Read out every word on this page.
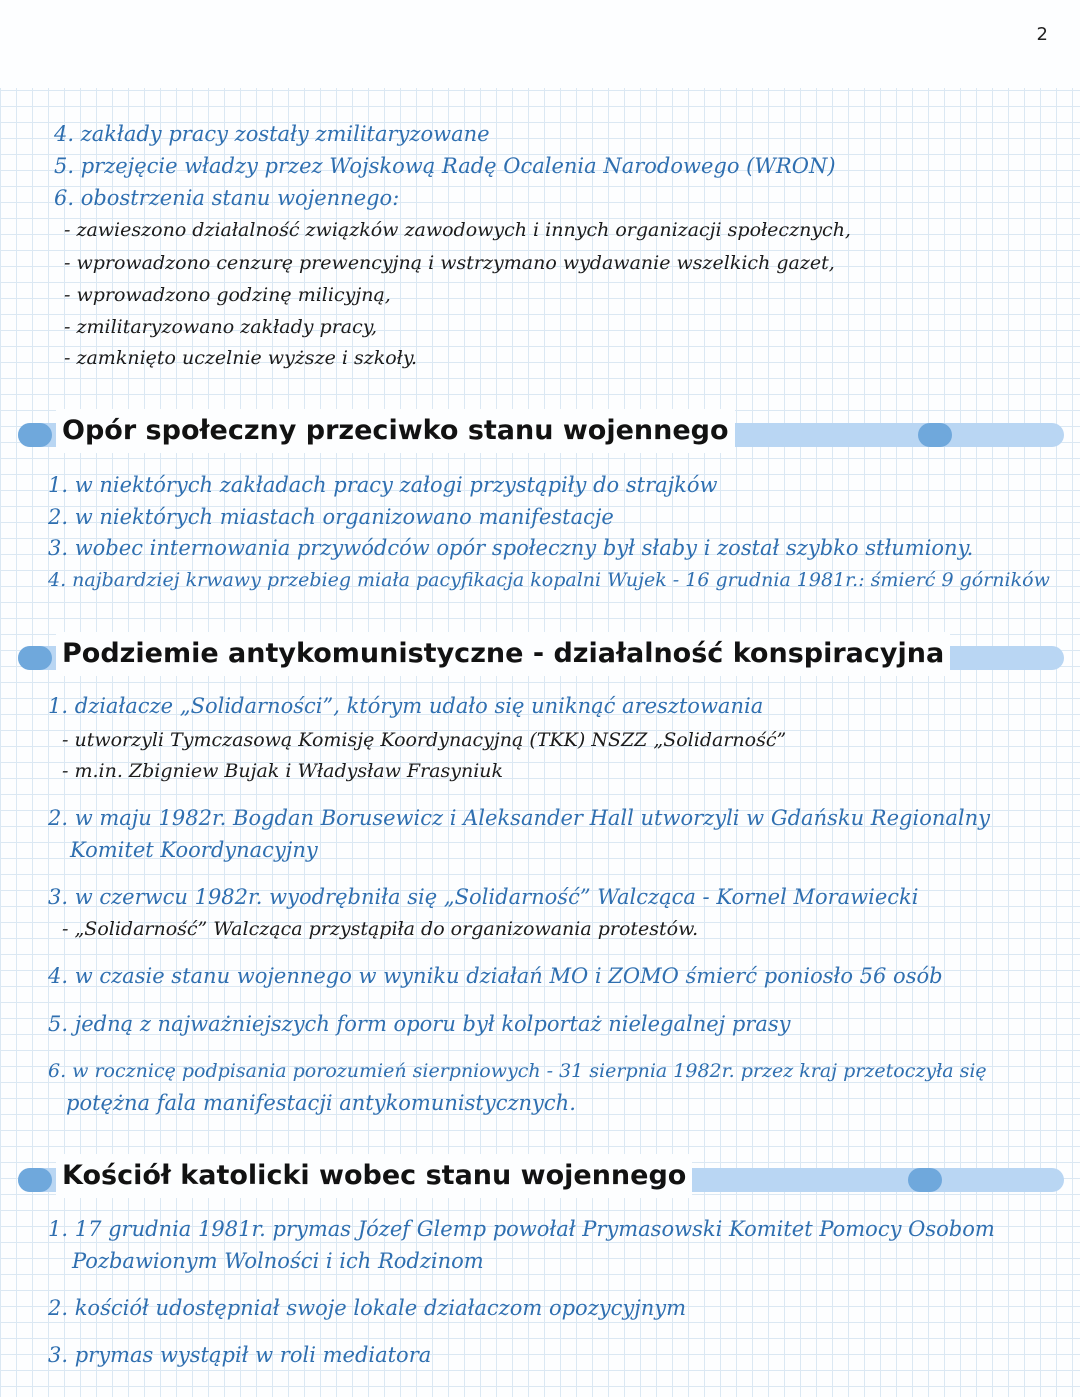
2
4. zakłady pracy zostały zmilitaryzowane
5. przejęcie władzy przez Wojskową Radę Ocalenia Narodowego (WRON)
6. obostrzenia stanu wojennego:
- zawieszono działalność związków zawodowych i innych organizacji społecznych,
- wprowadzono cenzurę prewencyjną i wstrzymano wydawanie wszelkich gazet,
- wprowadzono godzinę milicyjną,
- zmilitaryzowano zakłady pracy,
- zamknięto uczelnie wyższe i szkoły.
Opór społeczny przeciwko stanu wojennego
1. w niektórych zakładach pracy załogi przystąpiły do strajków
2. w niektórych miastach organizowano manifestacje
3. wobec internowania przywódców opór społeczny był słaby i został szybko stłumiony.
4. najbardziej krwawy przebieg miała pacyfikacja kopalni Wujek - 16 grudnia 1981r.: śmierć 9 górników
Podziemie antykomunistyczne - działalność konspiracyjna
1. działacze „Solidarności”, którym udało się uniknąć aresztowania
- utworzyli Tymczasową Komisję Koordynacyjną (TKK) NSZZ „Solidarność”
- m.in. Zbigniew Bujak i Władysław Frasyniuk
2. w maju 1982r. Bogdan Borusewicz i Aleksander Hall utworzyli w Gdańsku Regionalny
Komitet Koordynacyjny
3. w czerwcu 1982r. wyodrębniła się „Solidarność” Walcząca - Kornel Morawiecki
- „Solidarność” Walcząca przystąpiła do organizowania protestów.
4. w czasie stanu wojennego w wyniku działań MO i ZOMO śmierć poniosło 56 osób
5. jedną z najważniejszych form oporu był kolportaż nielegalnej prasy
6. w rocznicę podpisania porozumień sierpniowych - 31 sierpnia 1982r. przez kraj przetoczyła się
potężna fala manifestacji antykomunistycznych.
Kościół katolicki wobec stanu wojennego
1. 17 grudnia 1981r. prymas Józef Glemp powołał Prymasowski Komitet Pomocy Osobom
Pozbawionym Wolności i ich Rodzinom
2. kościół udostępniał swoje lokale działaczom opozycyjnym
3. prymas wystąpił w roli mediatora
